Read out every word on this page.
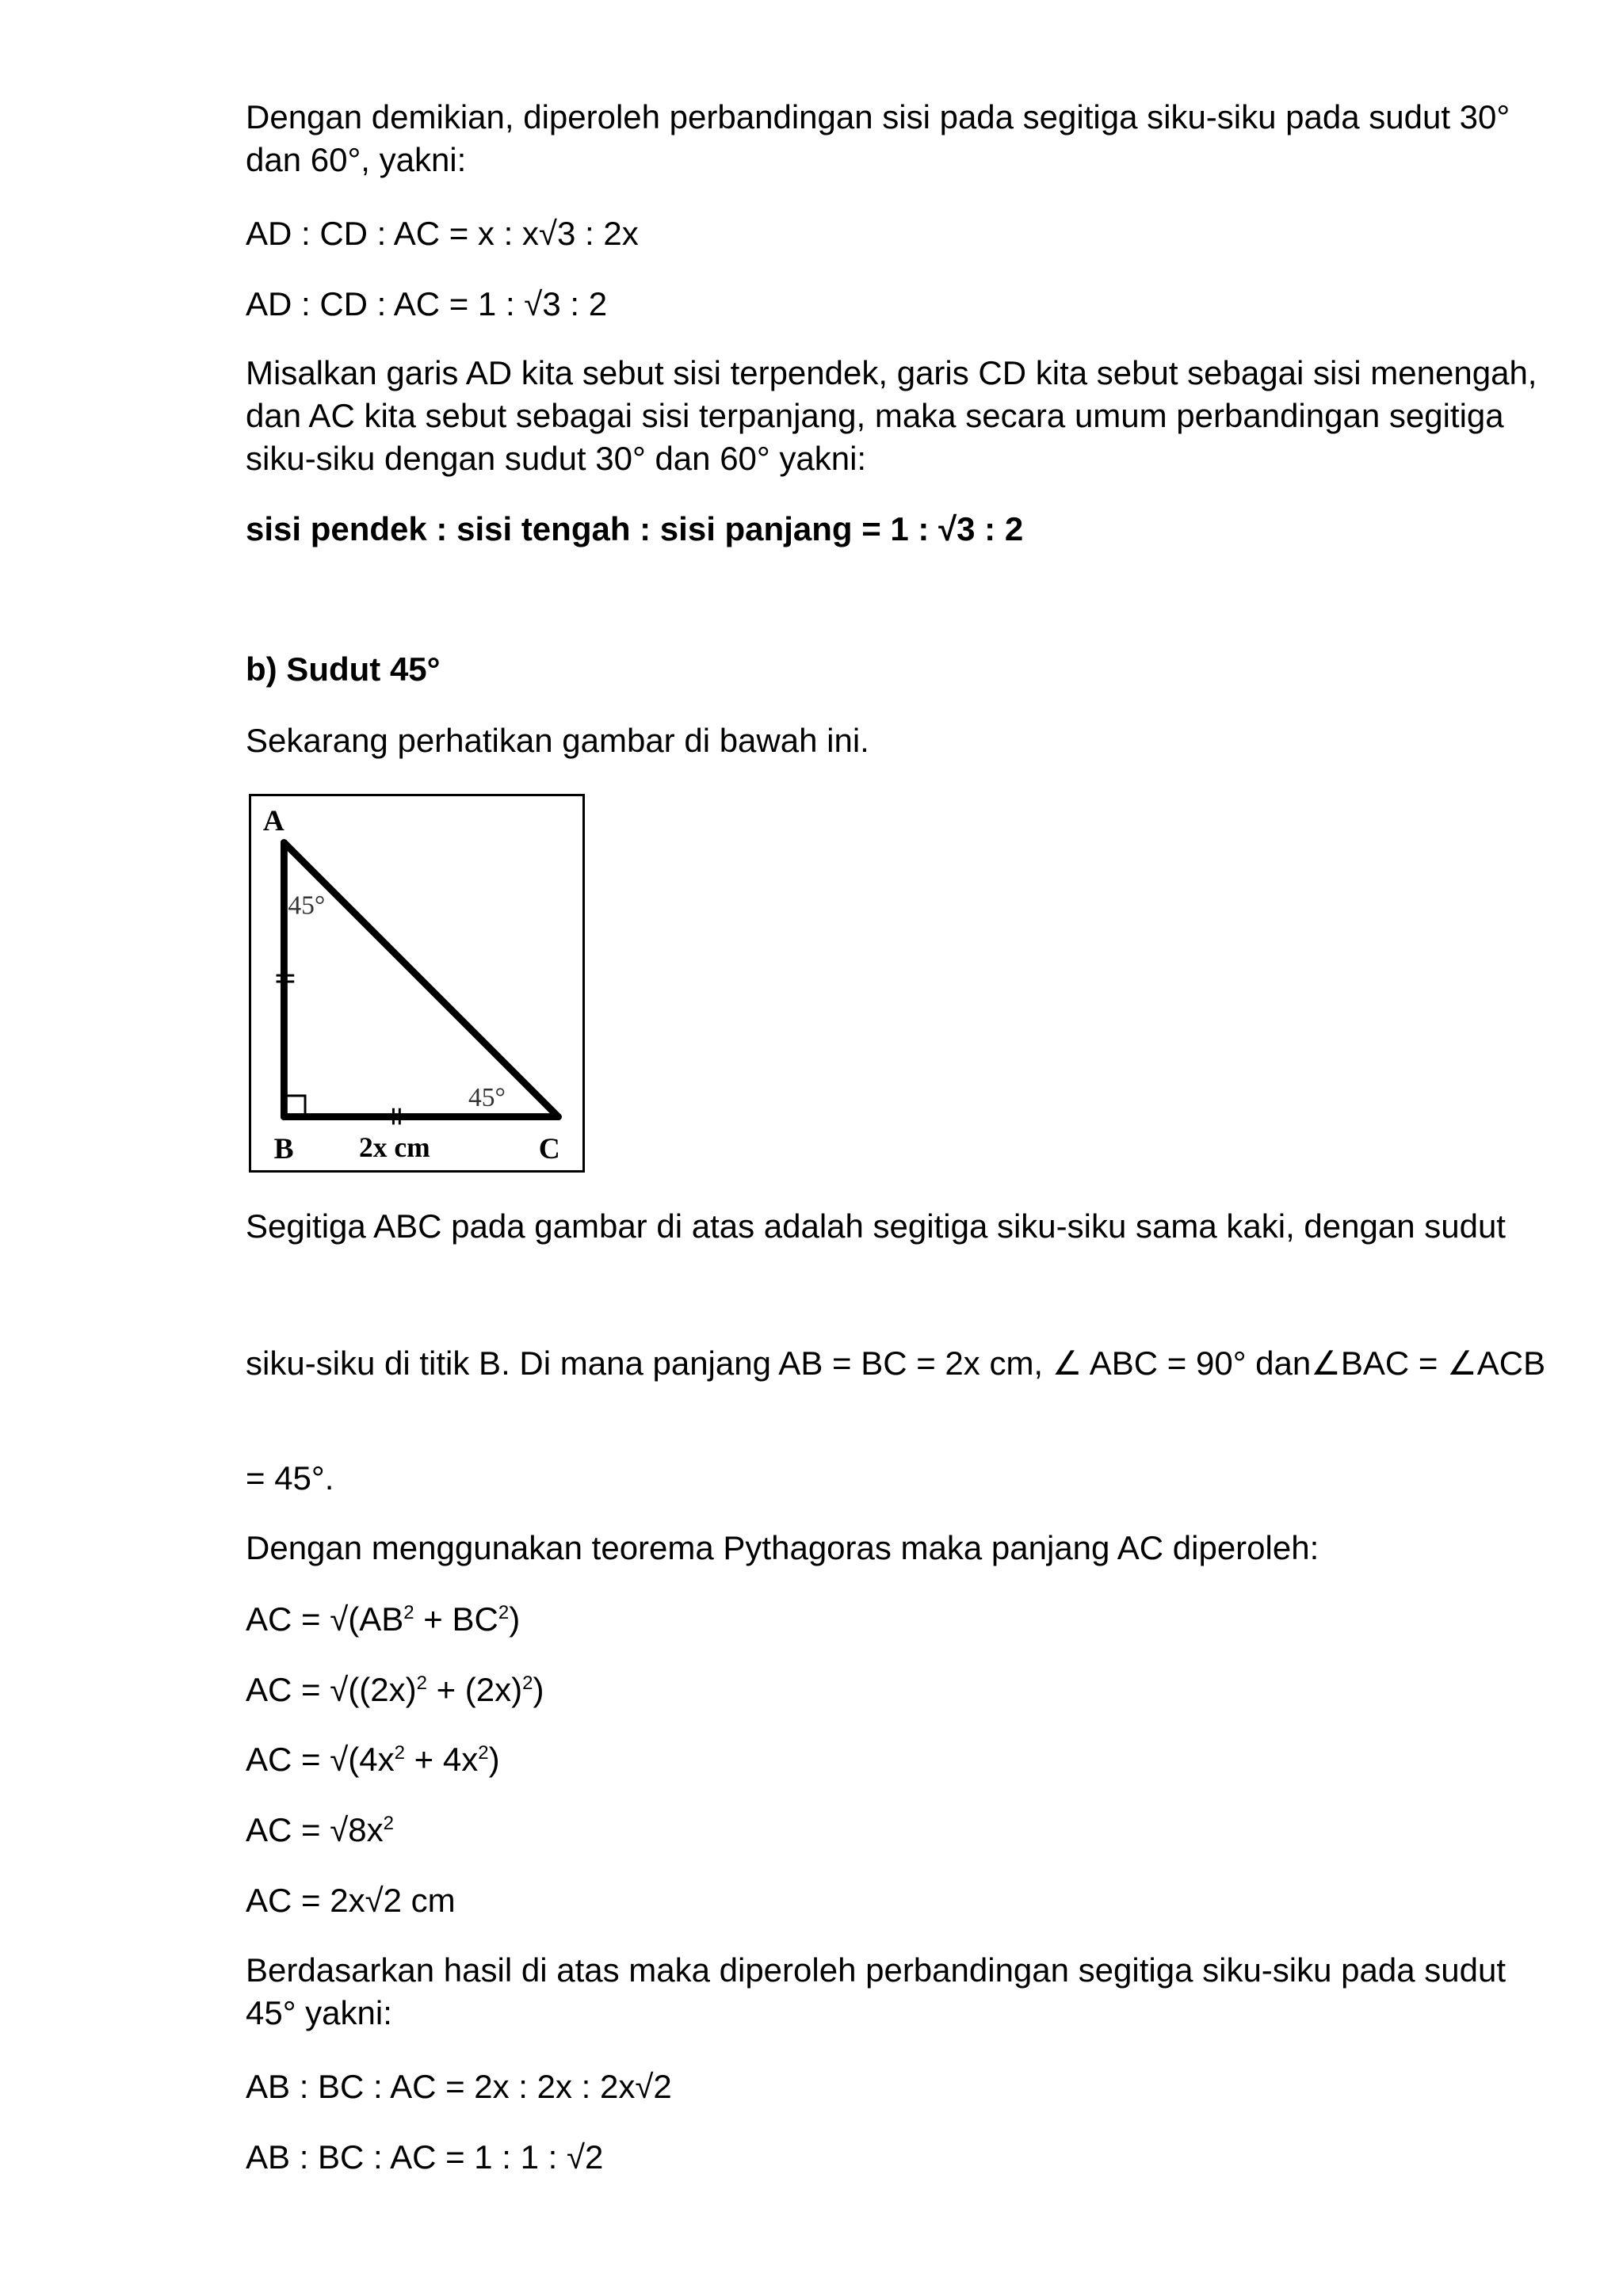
Dengan demikian, diperoleh perbandingan sisi pada segitiga siku-siku pada sudut 30°

dan 60°, yakni:

AD : CD : AC = x : x√3 : 2x

AD : CD : AC = 1 : √3 : 2

Misalkan garis AD kita sebut sisi terpendek, garis CD kita sebut sebagai sisi menengah,

dan AC kita sebut sebagai sisi terpanjang, maka secara umum perbandingan segitiga

siku-siku dengan sudut 30° dan 60° yakni:

sisi pendek : sisi tengah : sisi panjang = 1 : √3 : 2

b) Sudut 45°

Sekarang perhatikan gambar di bawah ini.

A
B	C
45°
45°
2x cm

Segitiga ABC pada gambar di atas adalah segitiga siku-siku sama kaki, dengan sudut

siku-siku di titik B. Di mana panjang AB = BC = 2x cm, ∠ ABC = 90° dan∠BAC = ∠ACB

= 45°.

Dengan menggunakan teorema Pythagoras maka panjang AC diperoleh:

AC = $√(AB^2 + BC^2)$

AC = $√((2x)^2 + (2x)^2)$

AC = $√(4x^2 + 4x^2)$

AC = $√8x^2$

AC = 2x√2 cm

Berdasarkan hasil di atas maka diperoleh perbandingan segitiga siku-siku pada sudut

45° yakni:

AB : BC : AC = 2x : 2x : 2x√2

AB : BC : AC = 1 : 1 : √2
